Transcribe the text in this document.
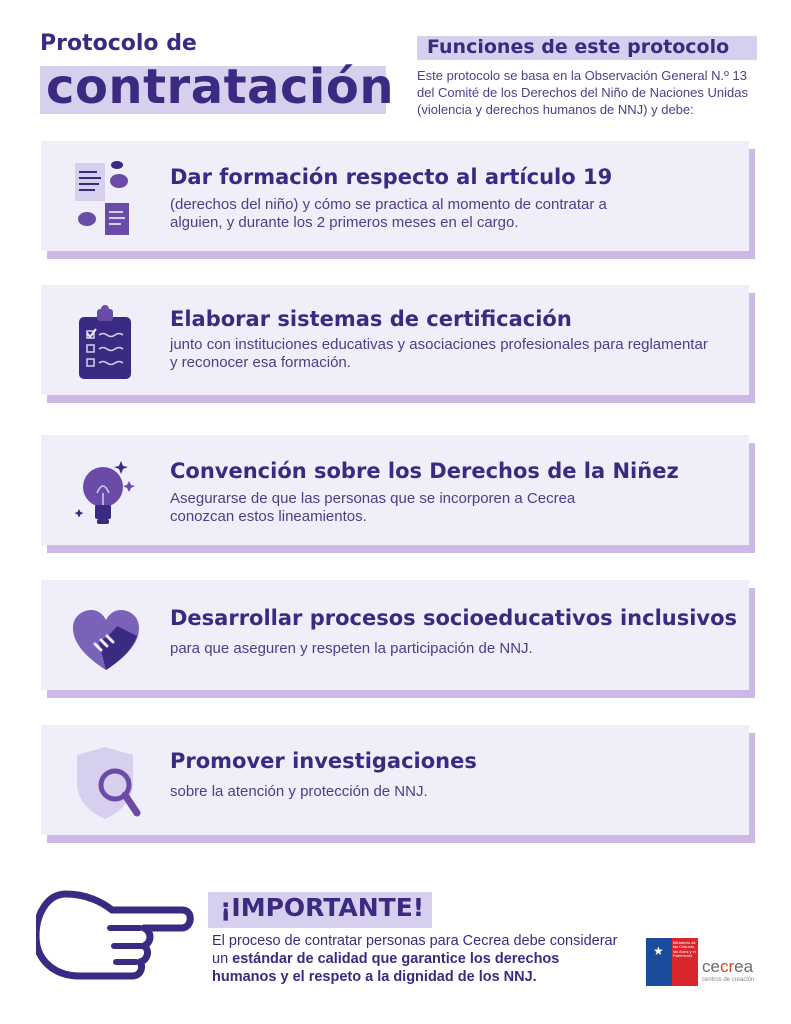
Protocolo de
contratación
Funciones de este protocolo
Este protocolo se basa en la Observación General N.º 13 del Comité de los Derechos del Niño de Naciones Unidas (violencia y derechos humanos de NNJ) y debe:
Dar formación respecto al artículo 19
(derechos del niño) y cómo se practica al momento de contratar a alguien, y durante los 2 primeros meses en el cargo.
Elaborar sistemas de certificación
junto con instituciones educativas y asociaciones profesionales para reglamentar y reconocer esa formación.
Convención sobre los Derechos de la Niñez
Asegurarse de que las personas que se incorporen a Cecrea conozcan estos lineamientos.
Desarrollar procesos socioeducativos inclusivos
para que aseguren y respeten la participación de NNJ.
Promover investigaciones
sobre la atención y protección de NNJ.
¡IMPORTANTE!
El proceso de contratar personas para Cecrea debe considerar un estándar de calidad que garantice los derechos humanos y el respeto a la dignidad de los NNJ.
★
Ministerio de las Culturas, las Artes y el Patrimonio
cecrea
centros de creación
